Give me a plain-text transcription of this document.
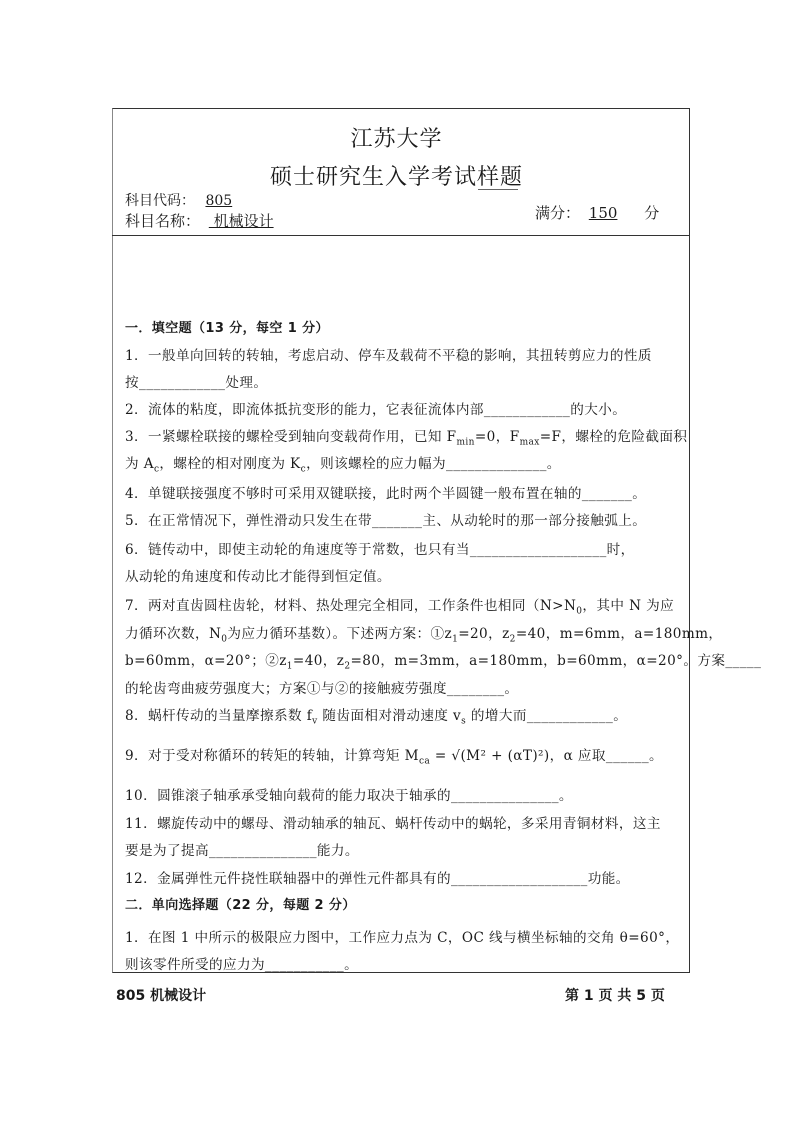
江苏大学
硕士研究生入学考试样题
科目代码： 805
科目名称：  机械设计	满分： 150 分
一．填空题（13 分，每空 1 分）
1．一般单向回转的转轴，考虑启动、停车及载荷不平稳的影响，其扭转剪应力的性质
按____________处理。
2．流体的粘度，即流体抵抗变形的能力，它表征流体内部____________的大小。
3．一紧螺栓联接的螺栓受到轴向变载荷作用，已知 $F_{min}=0$，$F_{max}=F$，螺栓的危险截面积
为 $A_c$，螺栓的相对刚度为 $K_c$，则该螺栓的应力幅为______________。
4．单键联接强度不够时可采用双键联接，此时两个半圆键一般布置在轴的_______。
5．在正常情况下，弹性滑动只发生在带_______主、从动轮时的那一部分接触弧上。
6．链传动中，即使主动轮的角速度等于常数，也只有当___________________时，
从动轮的角速度和传动比才能得到恒定值。
7．两对直齿圆柱齿轮，材料、热处理完全相同，工作条件也相同（$N>N_0$，其中 N 为应
力循环次数，$N_0$为应力循环基数）。下述两方案：$①z_1=20$，$z_2=40$，m=6mm，a=180mm，
b=60mm，α=20°；$②z_1=40$，$z_2=80$，m=3mm，a=180mm，b=60mm，α=20°。方案_____
的轮齿弯曲疲劳强度大；方案①与②的接触疲劳强度________。
8．蜗杆传动的当量摩擦系数 $f_v$ 随齿面相对滑动速度 $v_s$ 的增大而____________。
9．对于受对称循环的转矩的转轴，计算弯矩 $M_{ca} = √(M^2 + (\alpha T)^2)$，α 应取______。
10．圆锥滚子轴承承受轴向载荷的能力取决于轴承的_______________。
11．螺旋传动中的螺母、滑动轴承的轴瓦、蜗杆传动中的蜗轮，多采用青铜材料，这主
要是为了提高_______________能力。
12．金属弹性元件挠性联轴器中的弹性元件都具有的___________________功能。
二．单向选择题（22 分，每题 2 分）
1．在图 1 中所示的极限应力图中，工作应力点为 C，OC 线与横坐标轴的交角 θ=60°，
则该零件所受的应力为___________。
805 机械设计	第 1 页 共 5 页
